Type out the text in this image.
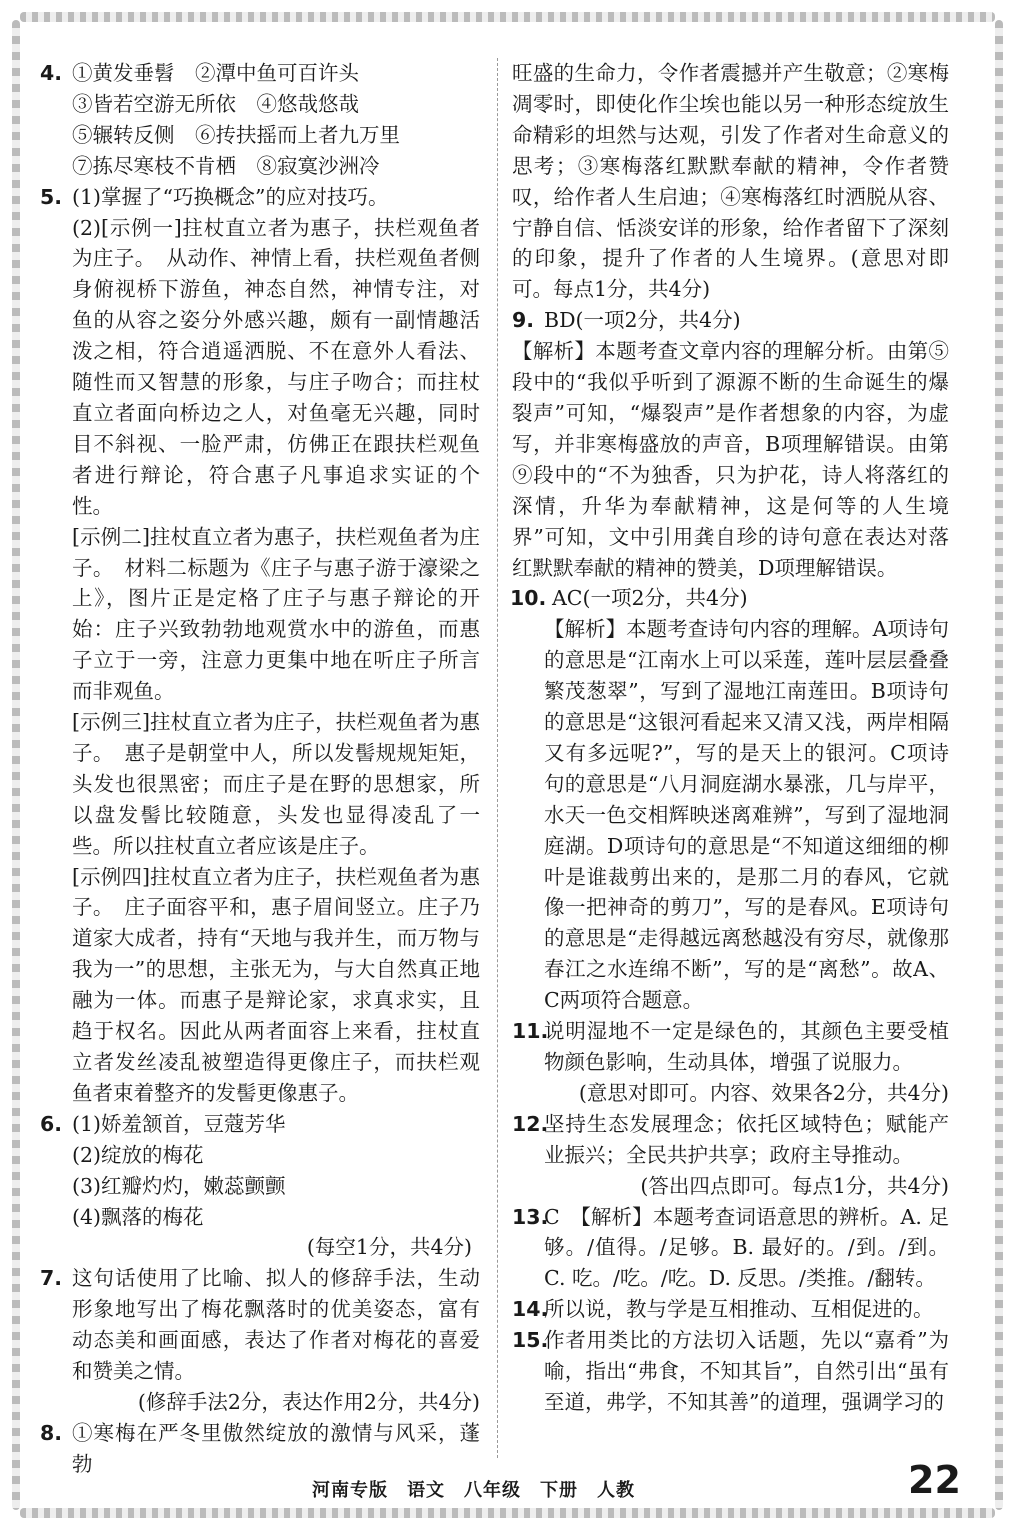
4. ①黄发垂髫　②潭中鱼可百许头

③皆若空游无所依　④悠哉悠哉

⑤辗转反侧　⑥抟扶摇而上者九万里

⑦拣尽寒枝不肯栖　⑧寂寞沙洲冷

5. (1)掌握了“巧换概念”的应对技巧。

(2)[示例一]拄杖直立者为惠子，扶栏观鱼者为庄子。　从动作、神情上看，扶栏观鱼者侧身俯视桥下游鱼，神态自然，神情专注，对鱼的从容之姿分外感兴趣，颇有一副情趣活泼之相，符合逍遥洒脱、不在意外人看法、随性而又智慧的形象，与庄子吻合；而拄杖直立者面向桥边之人，对鱼毫无兴趣，同时目不斜视、一脸严肃，仿佛正在跟扶栏观鱼者进行辩论，符合惠子凡事追求实证的个性。

[示例二]拄杖直立者为惠子，扶栏观鱼者为庄子。　材料二标题为《庄子与惠子游于濠梁之上》，图片正是定格了庄子与惠子辩论的开始：庄子兴致勃勃地观赏水中的游鱼，而惠子立于一旁，注意力更集中地在听庄子所言而非观鱼。

[示例三]拄杖直立者为庄子，扶栏观鱼者为惠子。　惠子是朝堂中人，所以发髻规规矩矩，头发也很黑密；而庄子是在野的思想家，所以盘发髻比较随意，头发也显得凌乱了一些。所以拄杖直立者应该是庄子。

[示例四]拄杖直立者为庄子，扶栏观鱼者为惠子。　庄子面容平和，惠子眉间竖立。庄子乃道家大成者，持有“天地与我并生，而万物与我为一”的思想，主张无为，与大自然真正地融为一体。而惠子是辩论家，求真求实，且趋于权名。因此从两者面容上来看，拄杖直立者发丝凌乱被塑造得更像庄子，而扶栏观鱼者束着整齐的发髻更像惠子。

6. (1)娇羞颔首，豆蔻芳华

(2)绽放的梅花

(3)红瓣灼灼，嫩蕊颤颤

(4)飘落的梅花

(每空1分，共4分)

7. 这句话使用了比喻、拟人的修辞手法，生动形象地写出了梅花飘落时的优美姿态，富有动态美和画面感，表达了作者对梅花的喜爱和赞美之情。

(修辞手法2分，表达作用2分，共4分)

8. ①寒梅在严冬里傲然绽放的激情与风采，蓬勃

旺盛的生命力，令作者震撼并产生敬意；②寒梅凋零时，即使化作尘埃也能以另一种形态绽放生命精彩的坦然与达观，引发了作者对生命意义的思考；③寒梅落红默默奉献的精神，令作者赞叹，给作者人生启迪；④寒梅落红时洒脱从容、宁静自信、恬淡安详的形象，给作者留下了深刻的印象，提升了作者的人生境界。(意思对即可。每点1分，共4分)

9. BD(一项2分，共4分)

【解析】本题考查文章内容的理解分析。由第⑤段中的“我似乎听到了源源不断的生命诞生的爆裂声”可知，“爆裂声”是作者想象的内容，为虚写，并非寒梅盛放的声音，B项理解错误。由第⑨段中的“不为独香，只为护花，诗人将落红的深情，升华为奉献精神，这是何等的人生境界”可知，文中引用龚自珍的诗句意在表达对落红默默奉献的精神的赞美，D项理解错误。

10. AC(一项2分，共4分)

【解析】本题考查诗句内容的理解。A项诗句的意思是“江南水上可以采莲，莲叶层层叠叠繁茂葱翠”，写到了湿地江南莲田。B项诗句的意思是“这银河看起来又清又浅，两岸相隔又有多远呢?”，写的是天上的银河。C项诗句的意思是“八月洞庭湖水暴涨，几与岸平，水天一色交相辉映迷离难辨”，写到了湿地洞庭湖。D项诗句的意思是“不知道这细细的柳叶是谁裁剪出来的，是那二月的春风，它就像一把神奇的剪刀”，写的是春风。E项诗句的意思是“走得越远离愁越没有穷尽，就像那春江之水连绵不断”，写的是“离愁”。故A、C两项符合题意。

11.

说明湿地不一定是绿色的，其颜色主要受植物颜色影响，生动具体，增强了说服力。

(意思对即可。内容、效果各2分，共4分)

12.

坚持生态发展理念；依托区域特色；赋能产业振兴；全民共护共享；政府主导推动。

(答出四点即可。每点1分，共4分)

13.

C　【解析】本题考查词语意思的辨析。A. 足够。/值得。/足够。B. 最好的。/到。/到。C. 吃。/吃。/吃。D. 反思。/类推。/翻转。

14.

所以说，教与学是互相推动、互相促进的。

15.

作者用类比的方法切入话题，先以“嘉肴”为喻，指出“弗食，不知其旨”，自然引出“虽有至道，弗学，不知其善”的道理，强调学习的

河南专版　语文　八年级　下册　人教	22
